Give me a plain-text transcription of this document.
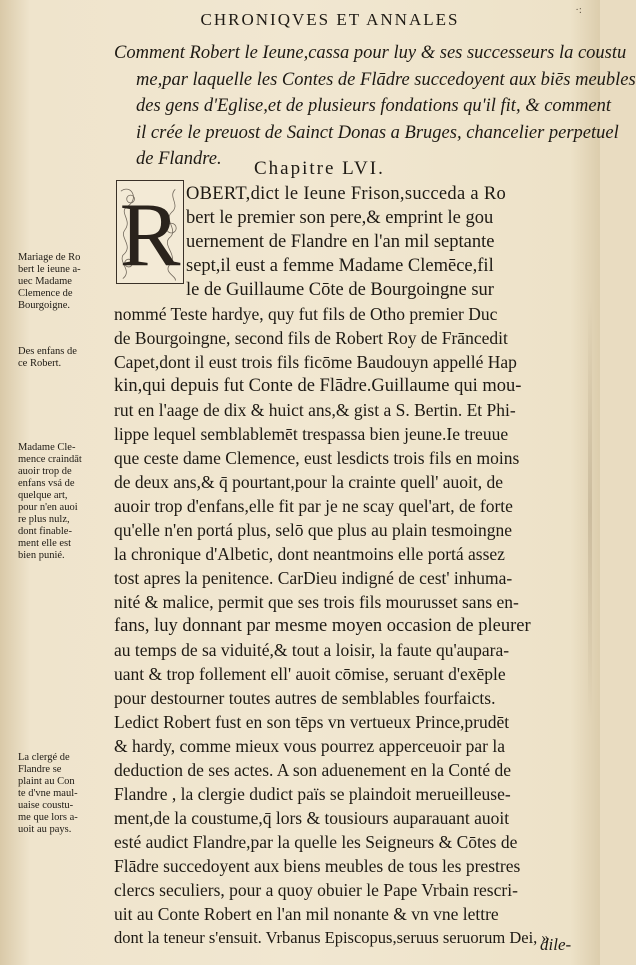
CHRONIQVES ET ANNALES	·:
Comment Robert le Ieune,cassa pour luy & ses successeurs la coustu
me,par laquelle les Contes de Flādre succedoyent aux biēs meubles
des gens d'Eglise,et de plusieurs fondations qu'il fit, & comment
il crée le preuost de Sainct Donas a Bruges, chancelier perpetuel
de Flandre.	Chapitre LVI.
R OBERT,dict le Ieune Frison,succeda a Ro
bert le premier son pere,& emprint le gou
uernement de Flandre en l'an mil septante
sept,il eust a femme Madame Clemēce,fil
le de Guillaume Cōte de Bourgoingne sur
nommé Teste hardye, quy fut fils de Otho premier Duc
de Bourgoingne, second fils de Robert Roy de Frāncedit
Capet,dont il eust trois fils ficōme Baudouyn appellé Hap
kin,qui depuis fut Conte de Flādre.Guillaume qui mou-
rut en l'aage de dix & huict ans,& gist a S. Bertin. Et Phi-
lippe lequel semblablemēt trespassa bien jeune.Ie treuue
que ceste dame Clemence, eust lesdicts trois fils en moins
de deux ans,& q̄ pourtant,pour la crainte quell' auoit, de
auoir trop d'enfans,elle fit par je ne scay quel'art, de forte
qu'elle n'en portá plus, selō que plus au plain tesmoingne
la chronique d'Albetic, dont neantmoins elle portá assez
tost apres la penitence. CarDieu indigné de cest' inhuma-
nité & malice, permit que ses trois fils mourusset sans en-
fans, luy donnant par mesme moyen occasion de pleurer
au temps de sa viduité,& tout a loisir, la faute qu'aupara-
uant & trop follement ell' auoit cōmise, seruant d'exēple
pour destourner toutes autres de semblables fourfaicts.
Ledict Robert fust en son tēps vn vertueux Prince,prudēt
& hardy, comme mieux vous pourrez apperceuoir par la
deduction de ses actes. A son aduenement en la Conté de
Flandre , la clergie dudict païs se plaindoit merueilleuse-
ment,de la coustume,q̄ lors & tousiours auparauant auoit
esté audict Flandre,par la quelle les Seigneurs & Cōtes de
Flādre succedoyent aux biens meubles de tous les prestres
clercs seculiers, pour a quoy obuier le Pape Vrbain rescri-
uit au Conte Robert en l'an mil nonante & vn vne lettre
dont la teneur s'ensuit. Vrbanus Episcopus,seruus seruorum Dei, »
dile-
Mariage de Ro
bert le ieune a-
uec Madame
Clemence de
Bourgoigne.
Des enfans de
ce Robert.
Madame Cle-
mence craindāt
auoir trop de
enfans vsá de
quelque art,
pour n'en auoi
re plus nulz,
dont finable-
ment elle est
bien punié.
La clergé de
Flandre se
plaint au Con
te d'vne maul-
uaise coustu-
me que lors a-
uoit au pays.
